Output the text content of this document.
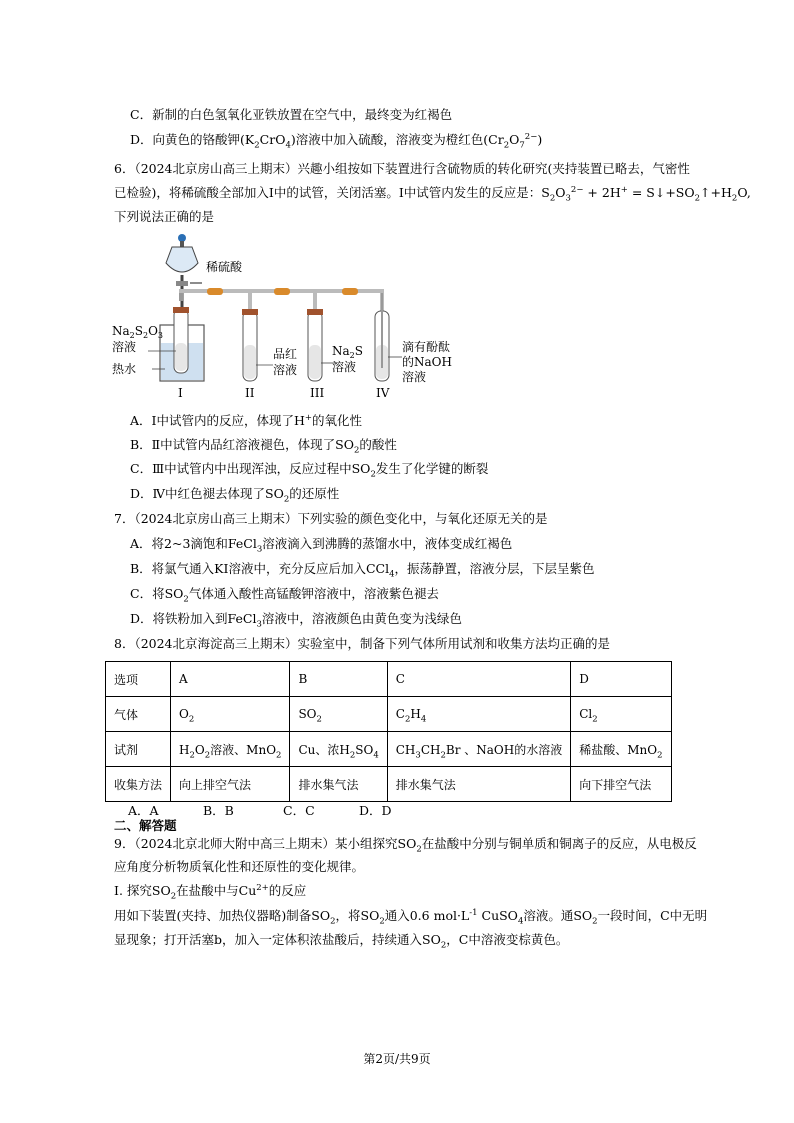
C．新制的白色氢氧化亚铁放置在空气中，最终变为红褐色
D．向黄色的铬酸钾$(K_2CrO_4)$溶液中加入硫酸，溶液变为橙红色$(Cr_2O_7^{2-})$
6．（2024北京房山高三上期末）兴趣小组按如下装置进行含硫物质的转化研究(夹持装置已略去，气密性
已检验)，将稀硫酸全部加入Ⅰ中的试管，关闭活塞。Ⅰ中试管内发生的反应是：$S_2O_3^{2-} + 2H^+$ = $S↓+SO_2↑+H_2O$,
下列说法正确的是
稀硫酸
$Na_2S_2O_3$
溶液
热水
品红
溶液
$Na_2S$
溶液
滴有酚酞
的NaOH
溶液
I	II	III	IV
A．Ⅰ中试管内的反应，体现了H+的氧化性
B．Ⅱ中试管内品红溶液褪色，体现了$SO_2$的酸性
C．Ⅲ中试管内中出现浑浊，反应过程中$SO_2$发生了化学键的断裂
D．Ⅳ中红色褪去体现了$SO_2$的还原性
7．（2024北京房山高三上期末）下列实验的颜色变化中，与氧化还原无关的是
A．将2~3滴饱和FeCl$_3$溶液滴入到沸腾的蒸馏水中，液体变成红褐色
B．将氯气通入KI溶液中，充分反应后加入CCl$_4$，振荡静置，溶液分层，下层呈紫色
C．将$SO_2$气体通入酸性高锰酸钾溶液中，溶液紫色褪去
D．将铁粉加入到FeCl$_3$溶液中，溶液颜色由黄色变为浅绿色
8．（2024北京海淀高三上期末）实验室中，制备下列气体所用试剂和收集方法均正确的是
选项	A	B	C	D
气体	$O_2$	$SO_2$	$C_2H_4$	$Cl_2$
试剂	$H_2O_2$溶液、MnO$_2$	Cu、浓$H_2SO_4$	$CH_3CH_2Br$ 、NaOH的水溶液	稀盐酸、MnO$_2$
收集方法	向上排空气法	排水集气法	排水集气法	向下排空气法
A．A	B．B	C．C	D．D
二、解答题
9．（2024北京北师大附中高三上期末）某小组探究$SO_2$在盐酸中分别与铜单质和铜离子的反应，从电极反
应角度分析物质氧化性和还原性的变化规律。
I. 探究$SO_2$在盐酸中与$Cu^{2+}$的反应
用如下装置(夹持、加热仪器略)制备$SO_2$，将$SO_2$通入0.6 $mol\cdot L^{-1}$ CuSO$_4$溶液。通$SO_2$一段时间，C中无明
显现象；打开活塞b，加入一定体积浓盐酸后，持续通入$SO_2$，C中溶液变棕黄色。
第2页/共9页
